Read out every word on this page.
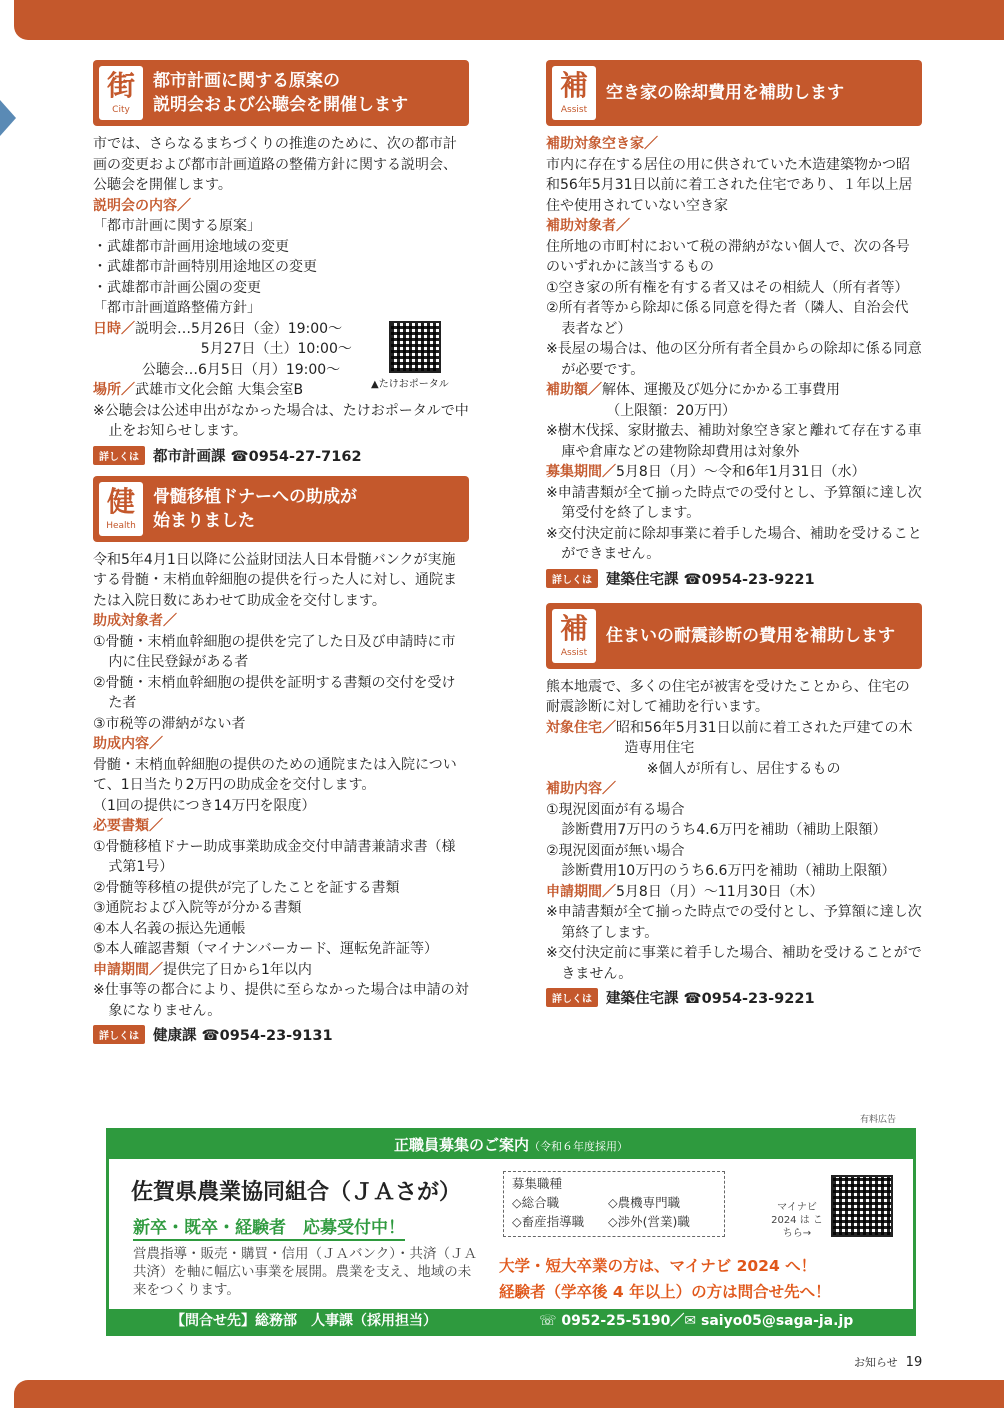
街
City
都市計画に関する原案の
説明会および公聴会を開催します

市では、さらなるまちづくりの推進のために、次の都市計画の変更および都市計画道路の整備方針に関する説明会、公聴会を開催します。

説明会の内容／

「都市計画に関する原案」

・武雄都市計画用途地域の変更

・武雄都市計画特別用途地区の変更

・武雄都市計画公園の変更

「都市計画道路整備方針」

日時／説明会…5月26日（金）19:00～

5月27日（土）10:00～

公聴会…6月5日（月）19:00～

▲たけおポータル

場所／武雄市文化会館 大集会室B

※公聴会は公述申出がなかった場合は、たけおポータルで中止をお知らせします。

詳しくは 都市計画課 ☎0954-27-7162
健
Health
骨髄移植ドナーへの助成が
始まりました

令和5年4月1日以降に公益財団法人日本骨髄バンクが実施する骨髄・末梢血幹細胞の提供を行った人に対し、通院または入院日数にあわせて助成金を交付します。

助成対象者／

①骨髄・末梢血幹細胞の提供を完了した日及び申請時に市内に住民登録がある者

②骨髄・末梢血幹細胞の提供を証明する書類の交付を受けた者

③市税等の滞納がない者

助成内容／

骨髄・末梢血幹細胞の提供のための通院または入院について、1日当たり2万円の助成金を交付します。

（1回の提供につき14万円を限度）

必要書類／

①骨髄移植ドナー助成事業助成金交付申請書兼請求書（様式第1号）

②骨髄等移植の提供が完了したことを証する書類

③通院および入院等が分かる書類

④本人名義の振込先通帳

⑤本人確認書類（マイナンバーカード、運転免許証等）

申請期間／提供完了日から1年以内

※仕事等の都合により、提供に至らなかった場合は申請の対象になりません。

詳しくは 健康課 ☎0954-23-9131
補
Assist
空き家の除却費用を補助します

補助対象空き家／

市内に存在する居住の用に供されていた木造建築物かつ昭和56年5月31日以前に着工された住宅であり、１年以上居住や使用されていない空き家

補助対象者／

住所地の市町村において税の滞納がない個人で、次の各号のいずれかに該当するもの

①空き家の所有権を有する者又はその相続人（所有者等）

②所有者等から除却に係る同意を得た者（隣人、自治会代表者など）

※長屋の場合は、他の区分所有者全員からの除却に係る同意が必要です。

補助額／解体、運搬及び処分にかかる工事費用

（上限額：20万円）

※樹木伐採、家財撤去、補助対象空き家と離れて存在する車庫や倉庫などの建物除却費用は対象外

募集期間／5月8日（月）～令和6年1月31日（水）

※申請書類が全て揃った時点での受付とし、予算額に達し次第受付を終了します。

※交付決定前に除却事業に着手した場合、補助を受けることができません。

詳しくは 建築住宅課 ☎0954-23-9221
補
Assist
住まいの耐震診断の費用を補助します

熊本地震で、多くの住宅が被害を受けたことから、住宅の耐震診断に対して補助を行います。

対象住宅／昭和56年5月31日以前に着工された戸建ての木造専用住宅

※個人が所有し、居住するもの

補助内容／

①現況図面が有る場合

診断費用7万円のうち4.6万円を補助（補助上限額）

②現況図面が無い場合

診断費用10万円のうち6.6万円を補助（補助上限額）

申請期間／5月8日（月）～11月30日（木）

※申請書類が全て揃った時点での受付とし、予算額に達し次第終了します。

※交付決定前に事業に着手した場合、補助を受けることができません。

詳しくは 建築住宅課 ☎0954-23-9221
有料広告
正職員募集のご案内（令和６年度採用）
佐賀県農業協同組合（ＪＡさが）
新卒・既卒・経験者　応募受付中！
営農指導・販売・購買・信用（ＪＡバンク）・共済（ＪＡ共済）を軸に幅広い事業を展開。農業を支え、地域の未来をつくります。
募集職種
◇総合職	◇農機専門職
◇畜産指導職	◇渉外(営業)職
マイナビ 2024 は こちら→
大学・短大卒業の方は、マイナビ 2024 へ！
経験者（学卒後 4 年以上）の方は問合せ先へ！
【問合せ先】総務部　人事課（採用担当）	☏ 0952-25-5190／✉ saiyo05@saga-ja.jp
お知らせ 19
